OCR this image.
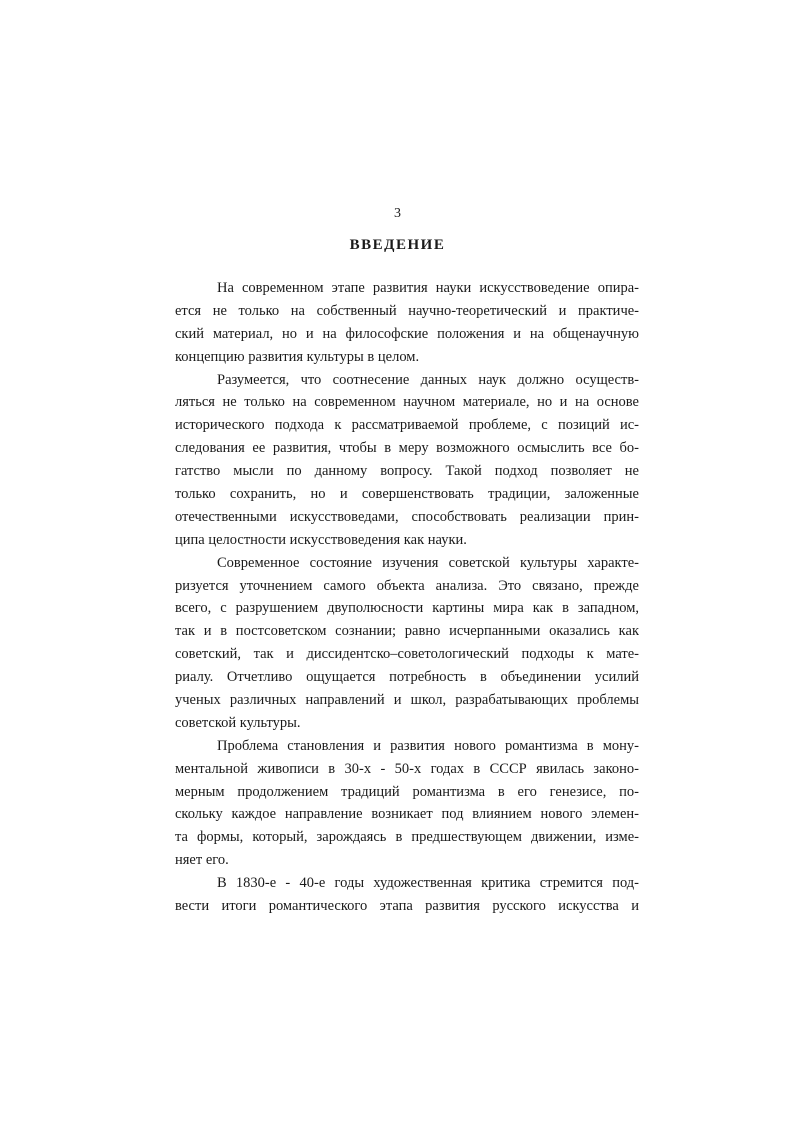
3
ВВЕДЕНИЕ
На современном этапе развития науки искусствоведение опира-
ется не только на собственный научно-теоретический и практиче-
ский материал, но и на философские положения и на общенаучную
концепцию развития культуры в целом.
Разумеется, что соотнесение данных наук должно осуществ-
ляться не только на современном научном материале, но и на основе
исторического подхода к рассматриваемой проблеме, с позиций ис-
следования ее развития, чтобы в меру возможного осмыслить все бо-
гатство мысли по данному вопросу. Такой подход позволяет не
только сохранить, но и совершенствовать традиции, заложенные
отечественными искусствоведами, способствовать реализации прин-
ципа целостности искусствоведения как науки.
Современное состояние изучения советской культуры характе-
ризуется уточнением самого объекта анализа. Это связано, прежде
всего, с разрушением двуполюсности картины мира как в западном,
так и в постсоветском сознании; равно исчерпанными оказались как
советский, так и диссидентско–советологический подходы к мате-
риалу. Отчетливо ощущается потребность в объединении усилий
ученых различных направлений и школ, разрабатывающих проблемы
советской культуры.
Проблема становления и развития нового романтизма в мону-
ментальной живописи в 30-х - 50-х годах в СССР явилась законо-
мерным продолжением традиций романтизма в его генезисе, по-
скольку каждое направление возникает под влиянием нового элемен-
та формы, который, зарождаясь в предшествующем движении, изме-
няет его.
В 1830-е - 40-е годы художественная критика стремится под-
вести итоги романтического этапа развития русского искусства и
